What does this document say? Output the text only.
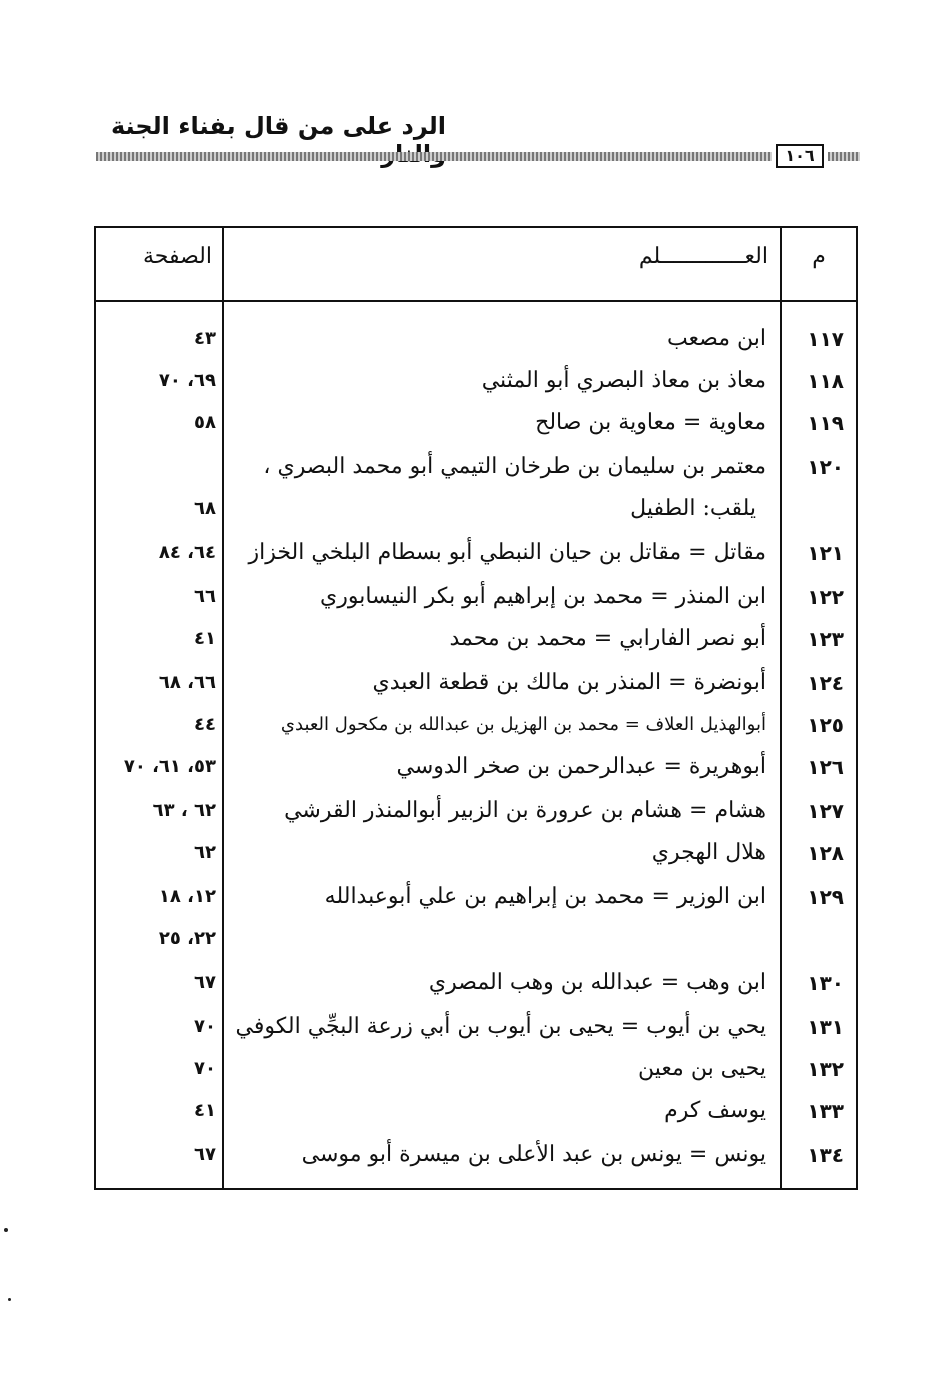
الرد على من قال بفناء الجنة
١٠٦
م
العـــــــــــــلم
الصفحة
١١٧
ابن مصعب
٤٣
١١٨
معاذ بن معاذ البصري أبو المثني
٦٩، ٧٠
١١٩
معاوية = معاوية بن صالح
٥٨
١٢٠
معتمر بن سليمان بن طرخان التيمي أبو محمد البصري ،
يلقب: الطفيل
٦٨
١٢١
مقاتل = مقاتل بن حيان النبطي أبو بسطام البلخي الخزاز
٦٤، ٨٤
١٢٢
ابن المنذر = محمد بن إبراهيم أبو بكر النيسابوري
٦٦
١٢٣
أبو نصر الفارابي = محمد بن محمد
٤١
١٢٤
أبونضرة = المنذر بن مالك بن قطعة العبدي
٦٦، ٦٨
١٢٥
أبوالهذيل العلاف = محمد بن الهزيل بن عبدالله بن مكحول العبدي
٤٤
١٢٦
أبوهريرة = عبدالرحمن بن صخر الدوسي
٥٣، ٦١، ٧٠
١٢٧
هشام = هشام بن عرورة بن الزبير أبوالمنذر القرشي
٦٢ ، ٦٣
١٢٨
هلال الهجري
٦٢
١٢٩
ابن الوزير = محمد بن إبراهيم بن علي أبوعبدالله
١٢، ١٨
٢٢، ٢٥
١٣٠
ابن وهب = عبدالله بن وهب المصري
٦٧
١٣١
يحي بن أيوب = يحيى بن أيوب بن أبي زرعة البجِّي الكوفي
٧٠
١٣٢
يحيى بن معين
٧٠
١٣٣
يوسف كرم
٤١
١٣٤
يونس = يونس بن عبد الأعلى بن ميسرة أبو موسى
٦٧
